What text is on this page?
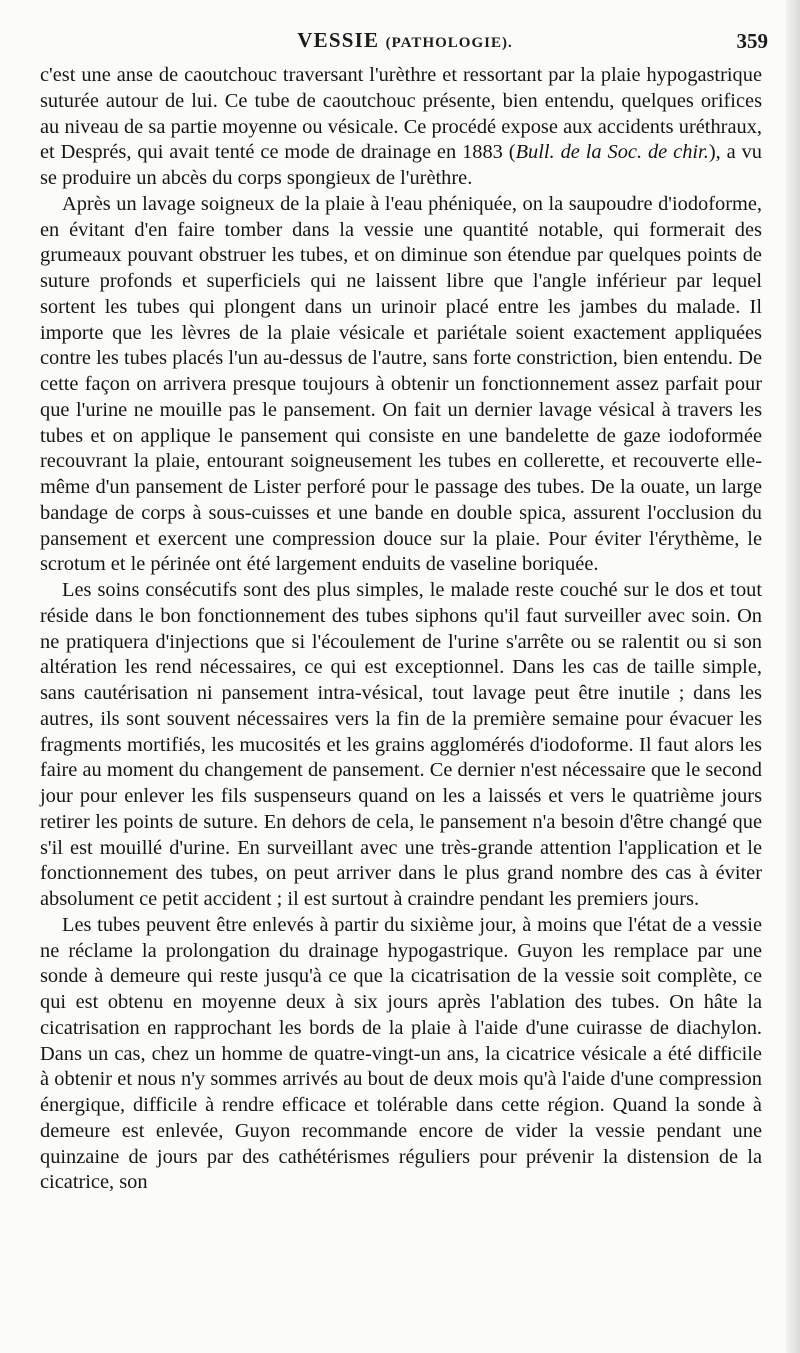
VESSIE (PATHOLOGIE).	359

c'est une anse de caoutchouc traversant l'urèthre et ressortant par la plaie hypogastrique suturée autour de lui. Ce tube de caoutchouc présente, bien entendu, quelques orifices au niveau de sa partie moyenne ou vésicale. Ce procédé expose aux accidents uréthraux, et Després, qui avait tenté ce mode de drainage en 1883 (Bull. de la Soc. de chir.), a vu se produire un abcès du corps spongieux de l'urèthre.

Après un lavage soigneux de la plaie à l'eau phéniquée, on la saupoudre d'iodoforme, en évitant d'en faire tomber dans la vessie une quantité notable, qui formerait des grumeaux pouvant obstruer les tubes, et on diminue son étendue par quelques points de suture profonds et superficiels qui ne laissent libre que l'angle inférieur par lequel sortent les tubes qui plongent dans un urinoir placé entre les jambes du malade. Il importe que les lèvres de la plaie vésicale et pariétale soient exactement appliquées contre les tubes placés l'un au-dessus de l'autre, sans forte constriction, bien entendu. De cette façon on arrivera presque toujours à obtenir un fonctionnement assez parfait pour que l'urine ne mouille pas le pansement. On fait un dernier lavage vésical à travers les tubes et on applique le pansement qui consiste en une bandelette de gaze iodoformée recouvrant la plaie, entourant soigneusement les tubes en collerette, et recouverte elle-même d'un pansement de Lister perforé pour le passage des tubes. De la ouate, un large bandage de corps à sous-cuisses et une bande en double spica, assurent l'occlusion du pansement et exercent une compression douce sur la plaie. Pour éviter l'érythème, le scrotum et le périnée ont été largement enduits de vaseline boriquée.

Les soins consécutifs sont des plus simples, le malade reste couché sur le dos et tout réside dans le bon fonctionnement des tubes siphons qu'il faut surveiller avec soin. On ne pratiquera d'injections que si l'écoulement de l'urine s'arrête ou se ralentit ou si son altération les rend nécessaires, ce qui est exceptionnel. Dans les cas de taille simple, sans cautérisation ni pansement intra-vésical, tout lavage peut être inutile ; dans les autres, ils sont souvent nécessaires vers la fin de la première semaine pour évacuer les fragments mortifiés, les mucosités et les grains agglomérés d'iodoforme. Il faut alors les faire au moment du changement de pansement. Ce dernier n'est nécessaire que le second jour pour enlever les fils suspenseurs quand on les a laissés et vers le quatrième jours retirer les points de suture. En dehors de cela, le pansement n'a besoin d'être changé que s'il est mouillé d'urine. En surveillant avec une très-grande attention l'application et le fonctionnement des tubes, on peut arriver dans le plus grand nombre des cas à éviter absolument ce petit accident ; il est surtout à craindre pendant les premiers jours.

Les tubes peuvent être enlevés à partir du sixième jour, à moins que l'état de a vessie ne réclame la prolongation du drainage hypogastrique. Guyon les remplace par une sonde à demeure qui reste jusqu'à ce que la cicatrisation de la vessie soit complète, ce qui est obtenu en moyenne deux à six jours après l'ablation des tubes. On hâte la cicatrisation en rapprochant les bords de la plaie à l'aide d'une cuirasse de diachylon. Dans un cas, chez un homme de quatre-vingt-un ans, la cicatrice vésicale a été difficile à obtenir et nous n'y sommes arrivés au bout de deux mois qu'à l'aide d'une compression énergique, difficile à rendre efficace et tolérable dans cette région. Quand la sonde à demeure est enlevée, Guyon recommande encore de vider la vessie pendant une quinzaine de jours par des cathétérismes réguliers pour prévenir la distension de la cicatrice, son
